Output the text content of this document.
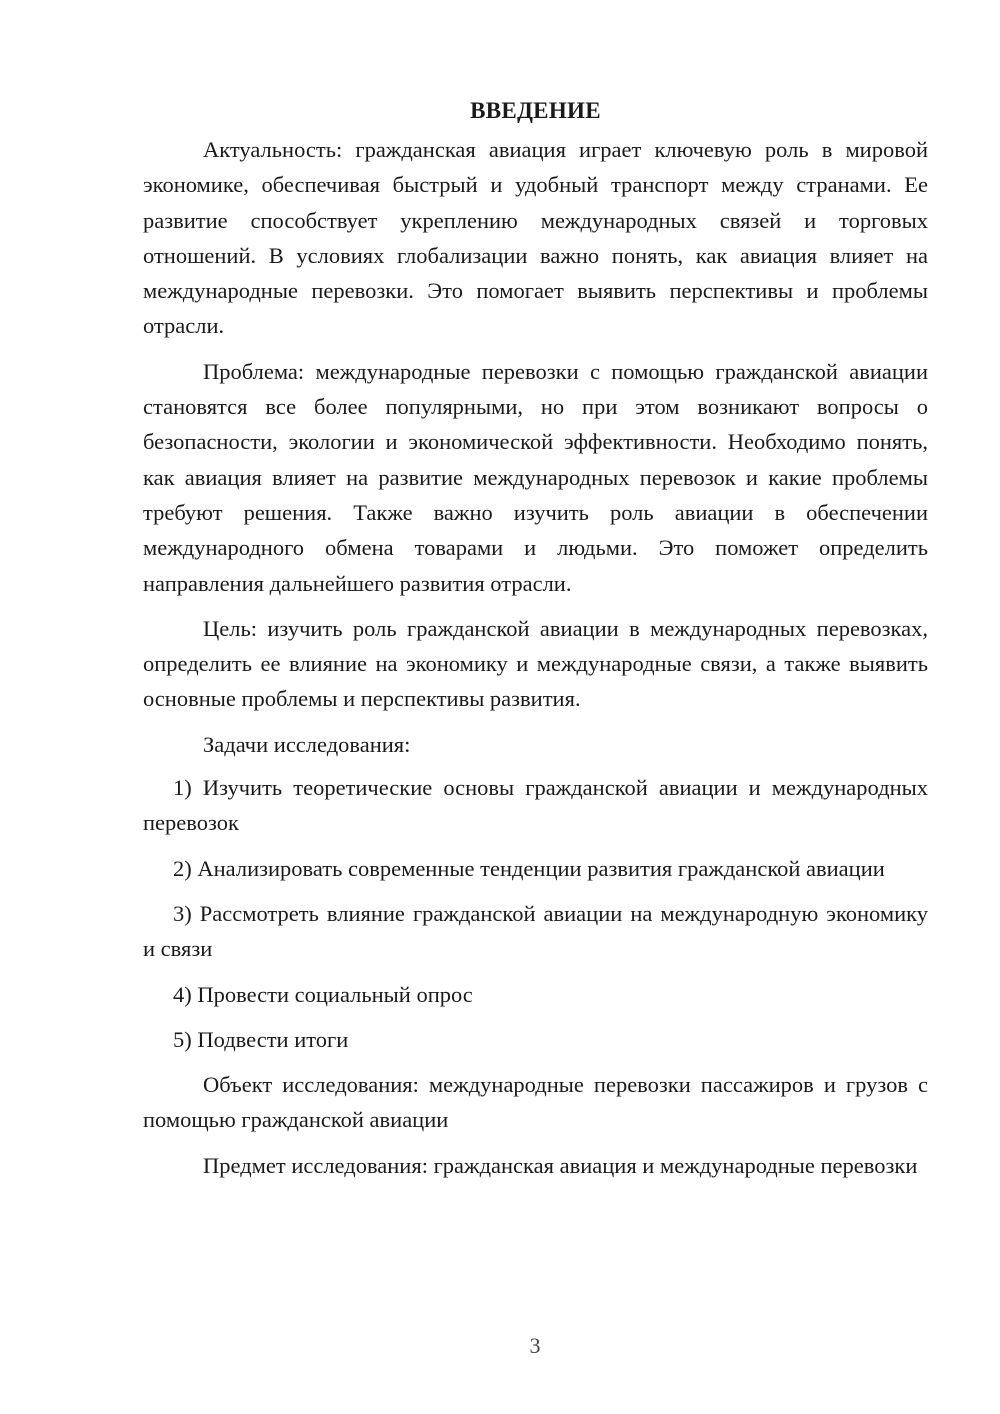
ВВЕДЕНИЕ

Актуальность: гражданская авиация играет ключевую роль в мировой экономике, обеспечивая быстрый и удобный транспорт между странами. Ее развитие способствует укреплению международных связей и торговых отношений. В условиях глобализации важно понять, как авиация влияет на международные перевозки. Это помогает выявить перспективы и проблемы отрасли.

Проблема: международные перевозки с помощью гражданской авиации становятся все более популярными, но при этом возникают вопросы о безопасности, экологии и экономической эффективности. Необходимо понять, как авиация влияет на развитие международных перевозок и какие проблемы требуют решения. Также важно изучить роль авиации в обеспечении международного обмена товарами и людьми. Это поможет определить направления дальнейшего развития отрасли.

Цель: изучить роль гражданской авиации в международных перевозках, определить ее влияние на экономику и международные связи, а также выявить основные проблемы и перспективы развития.

Задачи исследования:

1) Изучить теоретические основы гражданской авиации и международных перевозок

2) Анализировать современные тенденции развития гражданской авиации

3) Рассмотреть влияние гражданской авиации на международную экономику и связи

4) Провести социальный опрос

5) Подвести итоги

Объект исследования: международные перевозки пассажиров и грузов с помощью гражданской авиации

Предмет исследования: гражданская авиация и международные перевозки

3
